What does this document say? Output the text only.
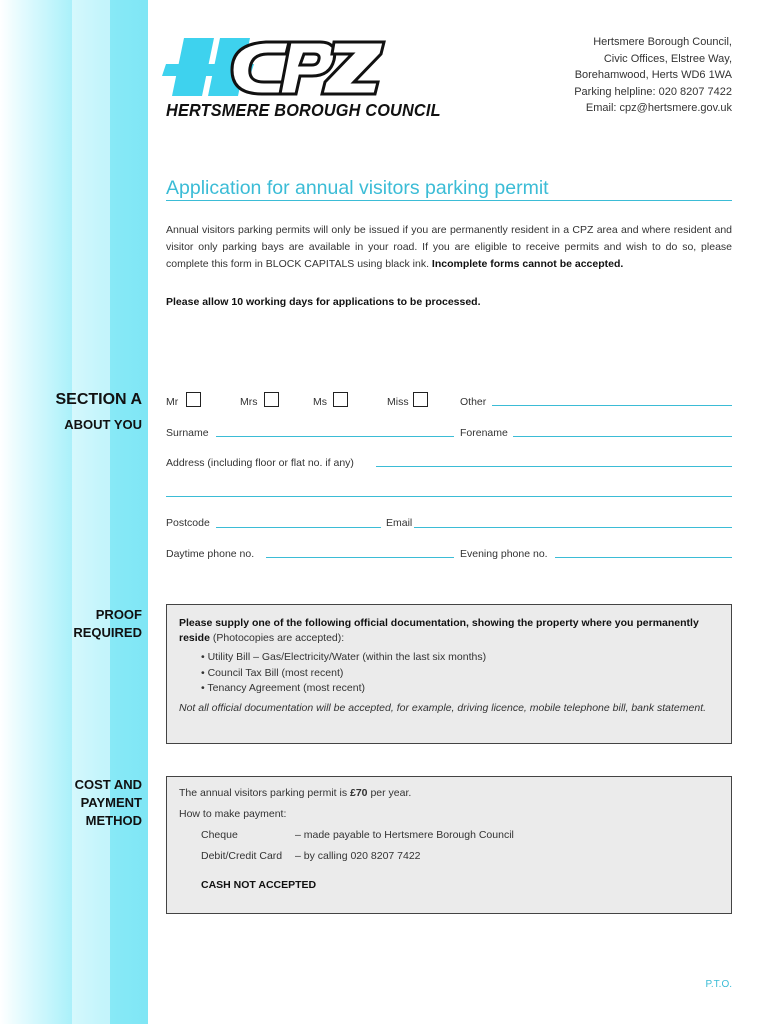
HERTSMERE BOROUGH COUNCIL
Hertsmere Borough Council,
Civic Offices, Elstree Way,
Borehamwood, Herts WD6 1WA
Parking helpline: 020 8207 7422
Email: cpz@hertsmere.gov.uk
Application for annual visitors parking permit
Annual visitors parking permits will only be issued if you are permanently resident in a CPZ area and where resident and visitor only parking bays are available in your road. If you are eligible to receive permits and wish to do so, please complete this form in BLOCK CAPITALS using black ink. Incomplete forms cannot be accepted.
Please allow 10 working days for applications to be processed.
SECTION A
ABOUT YOU
Mr	Mrs	Ms	Miss	Other
Surname	Forename
Address (including floor or flat no. if any)
Postcode	Email
Daytime phone no.	Evening phone no.
PROOF
REQUIRED
Please supply one of the following official documentation, showing the property where you permanently reside (Photocopies are accepted):
• Utility Bill – Gas/Electricity/Water (within the last six months)
• Council Tax Bill (most recent)
• Tenancy Agreement (most recent)
Not all official documentation will be accepted, for example, driving licence, mobile telephone bill, bank statement.
COST AND
PAYMENT
METHOD
The annual visitors parking permit is £70 per year.
How to make payment:
Cheque	– made payable to Hertsmere Borough Council
Debit/Credit Card – by calling 020 8207 7422
CASH NOT ACCEPTED
P.T.O.
